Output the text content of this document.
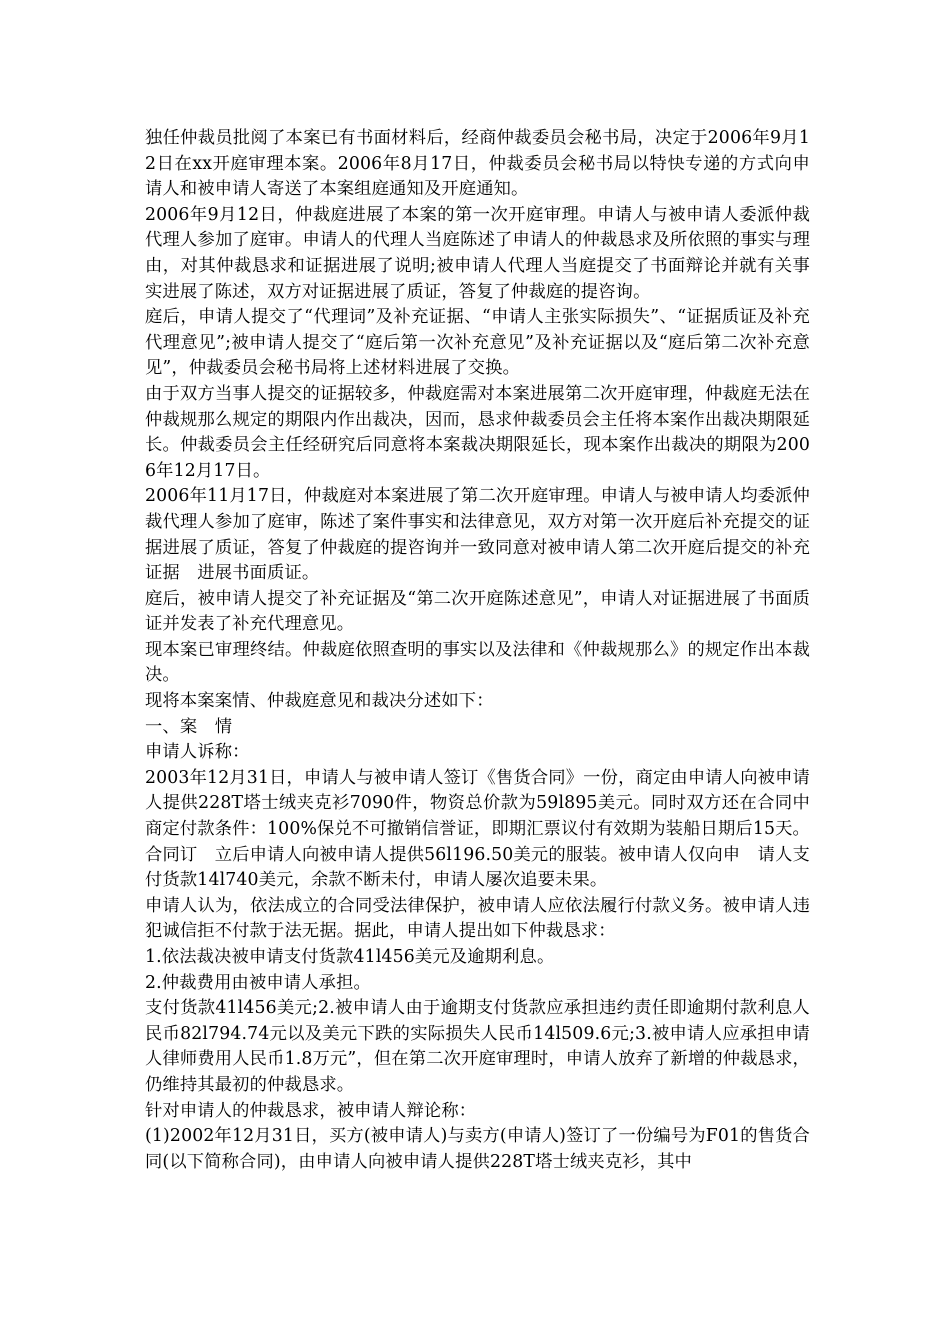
独任仲裁员批阅了本案已有书面材料后，经商仲裁委员会秘书局，决定于2006年9月12日在xx开庭审理本案。2006年8月17日，仲裁委员会秘书局以特快专递的方式向申请人和被申请人寄送了本案组庭通知及开庭通知。

2006年9月12日，仲裁庭进展了本案的第一次开庭审理。申请人与被申请人委派仲裁代理人参加了庭审。申请人的代理人当庭陈述了申请人的仲裁恳求及所依照的事实与理由，对其仲裁恳求和证据进展了说明;被申请人代理人当庭提交了书面辩论并就有关事实进展了陈述，双方对证据进展了质证，答复了仲裁庭的提咨询。

庭后，申请人提交了“代理词”及补充证据、“申请人主张实际损失”、“证据质证及补充代理意见”;被申请人提交了“庭后第一次补充意见”及补充证据以及“庭后第二次补充意见”，仲裁委员会秘书局将上述材料进展了交换。

由于双方当事人提交的证据较多，仲裁庭需对本案进展第二次开庭审理，仲裁庭无法在仲裁规那么规定的期限内作出裁决，因而，恳求仲裁委员会主任将本案作出裁决期限延长。仲裁委员会主任经研究后同意将本案裁决期限延长，现本案作出裁决的期限为2006年12月17日。

2006年11月17日，仲裁庭对本案进展了第二次开庭审理。申请人与被申请人均委派仲裁代理人参加了庭审，陈述了案件事实和法律意见，双方对第一次开庭后补充提交的证据进展了质证，答复了仲裁庭的提咨询并一致同意对被申请人第二次开庭后提交的补充证据　进展书面质证。

庭后，被申请人提交了补充证据及“第二次开庭陈述意见”，申请人对证据进展了书面质证并发表了补充代理意见。

现本案已审理终结。仲裁庭依照查明的事实以及法律和《仲裁规那么》的规定作出本裁决。

现将本案案情、仲裁庭意见和裁决分述如下：

一、案　情

申请人诉称：

2003年12月31日，申请人与被申请人签订《售货合同》一份，商定由申请人向被申请人提供228T塔士绒夹克衫7090件，物资总价款为59l895美元。同时双方还在合同中商定付款条件：100%保兑不可撤销信誉证，即期汇票议付有效期为装船日期后15天。合同订　立后申请人向被申请人提供56l196.50美元的服装。被申请人仅向申　请人支付货款14l740美元，余款不断未付，申请人屡次追要未果。

申请人认为，依法成立的合同受法律保护，被申请人应依法履行付款义务。被申请人违犯诚信拒不付款于法无据。据此，申请人提出如下仲裁恳求：

1.依法裁决被申请支付货款41l456美元及逾期利息。

2.仲裁费用由被申请人承担。

支付货款41l456美元;2.被申请人由于逾期支付货款应承担违约责任即逾期付款利息人民币82l794.74元以及美元下跌的实际损失人民币14l509.6元;3.被申请人应承担申请人律师费用人民币1.8万元”，但在第二次开庭审理时，申请人放弃了新增的仲裁恳求，仍维持其最初的仲裁恳求。

针对申请人的仲裁恳求，被申请人辩论称：

(1)2002年12月31日，买方(被申请人)与卖方(申请人)签订了一份编号为F01的售货合同(以下简称合同)，由申请人向被申请人提供228T塔士绒夹克衫，其中
